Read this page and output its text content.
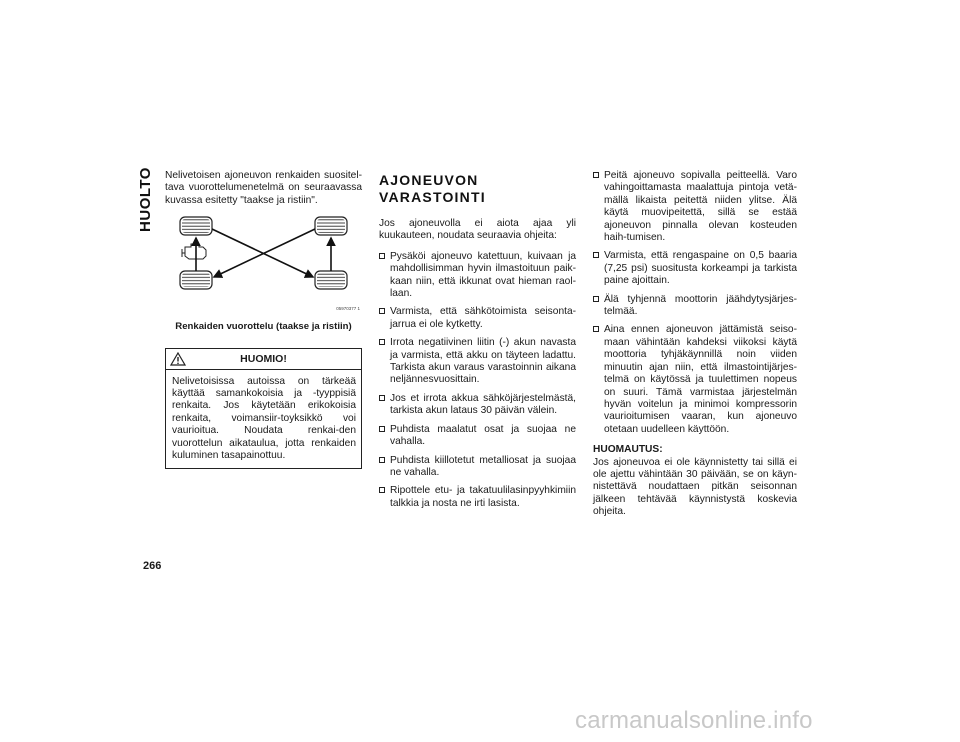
HUOLTO
266

Nelivetoisen ajoneuvon renkaiden suositel-tava vuorottelumenetelmä on seuraavassa kuvassa esitetty "taakse ja ristiin".

05970377 1

Renkaiden vuorottelu (taakse ja ristiin)

HUOMIO!
Nelivetoisissa autoissa on tärkeää käyttää samankokoisia ja -tyyppisiä renkaita. Jos käytetään erikokoisia renkaita, voimansiir-toyksikkö voi vaurioitua. Noudata renkai-den vuorottelun aikataulua, jotta renkaiden kuluminen tasapainottuu.
AJONEUVON
VARASTOINTI

Jos ajoneuvolla ei aiota ajaa yli kuukauteen, noudata seuraavia ohjeita:

Pysäköi ajoneuvo katettuun, kuivaan ja mahdollisimman hyvin ilmastoituun paik-kaan niin, että ikkunat ovat hieman raol-laan.
Varmista, että sähkötoimista seisonta-jarrua ei ole kytketty.
Irrota negatiivinen liitin (-) akun navasta ja varmista, että akku on täyteen ladattu. Tarkista akun varaus varastoinnin aikana neljännesvuosittain.
Jos et irrota akkua sähköjärjestelmästä, tarkista akun lataus 30 päivän välein.
Puhdista maalatut osat ja suojaa ne vahalla.
Puhdista kiillotetut metalliosat ja suojaa ne vahalla.
Ripottele etu- ja takatuulilasinpyyhkimiin talkkia ja nosta ne irti lasista.
Peitä ajoneuvo sopivalla peitteellä. Varo vahingoittamasta maalattuja pintoja vetä-mällä likaista peitettä niiden ylitse. Älä käytä muovipeitettä, sillä se estää ajoneuvon pinnalla olevan kosteuden haih-tumisen.
Varmista, että rengaspaine on 0,5 baaria (7,25 psi) suositusta korkeampi ja tarkista paine ajoittain.
Älä tyhjennä moottorin jäähdytysjärjes-telmää.
Aina ennen ajoneuvon jättämistä seiso-maan vähintään kahdeksi viikoksi käytä moottoria tyhjäkäynnillä noin viiden minuutin ajan niin, että ilmastointijärjes-telmä on käytössä ja tuulettimen nopeus on suuri. Tämä varmistaa järjestelmän hyvän voitelun ja minimoi kompressorin vaurioitumisen vaaran, kun ajoneuvo otetaan uudelleen käyttöön.

HUOMAUTUS:

Jos ajoneuvoa ei ole käynnistetty tai sillä ei ole ajettu vähintään 30 päivään, se on käyn-nistettävä noudattaen pitkän seisonnan jälkeen tehtävää käynnistystä koskevia ohjeita.

carmanualsonline.info
